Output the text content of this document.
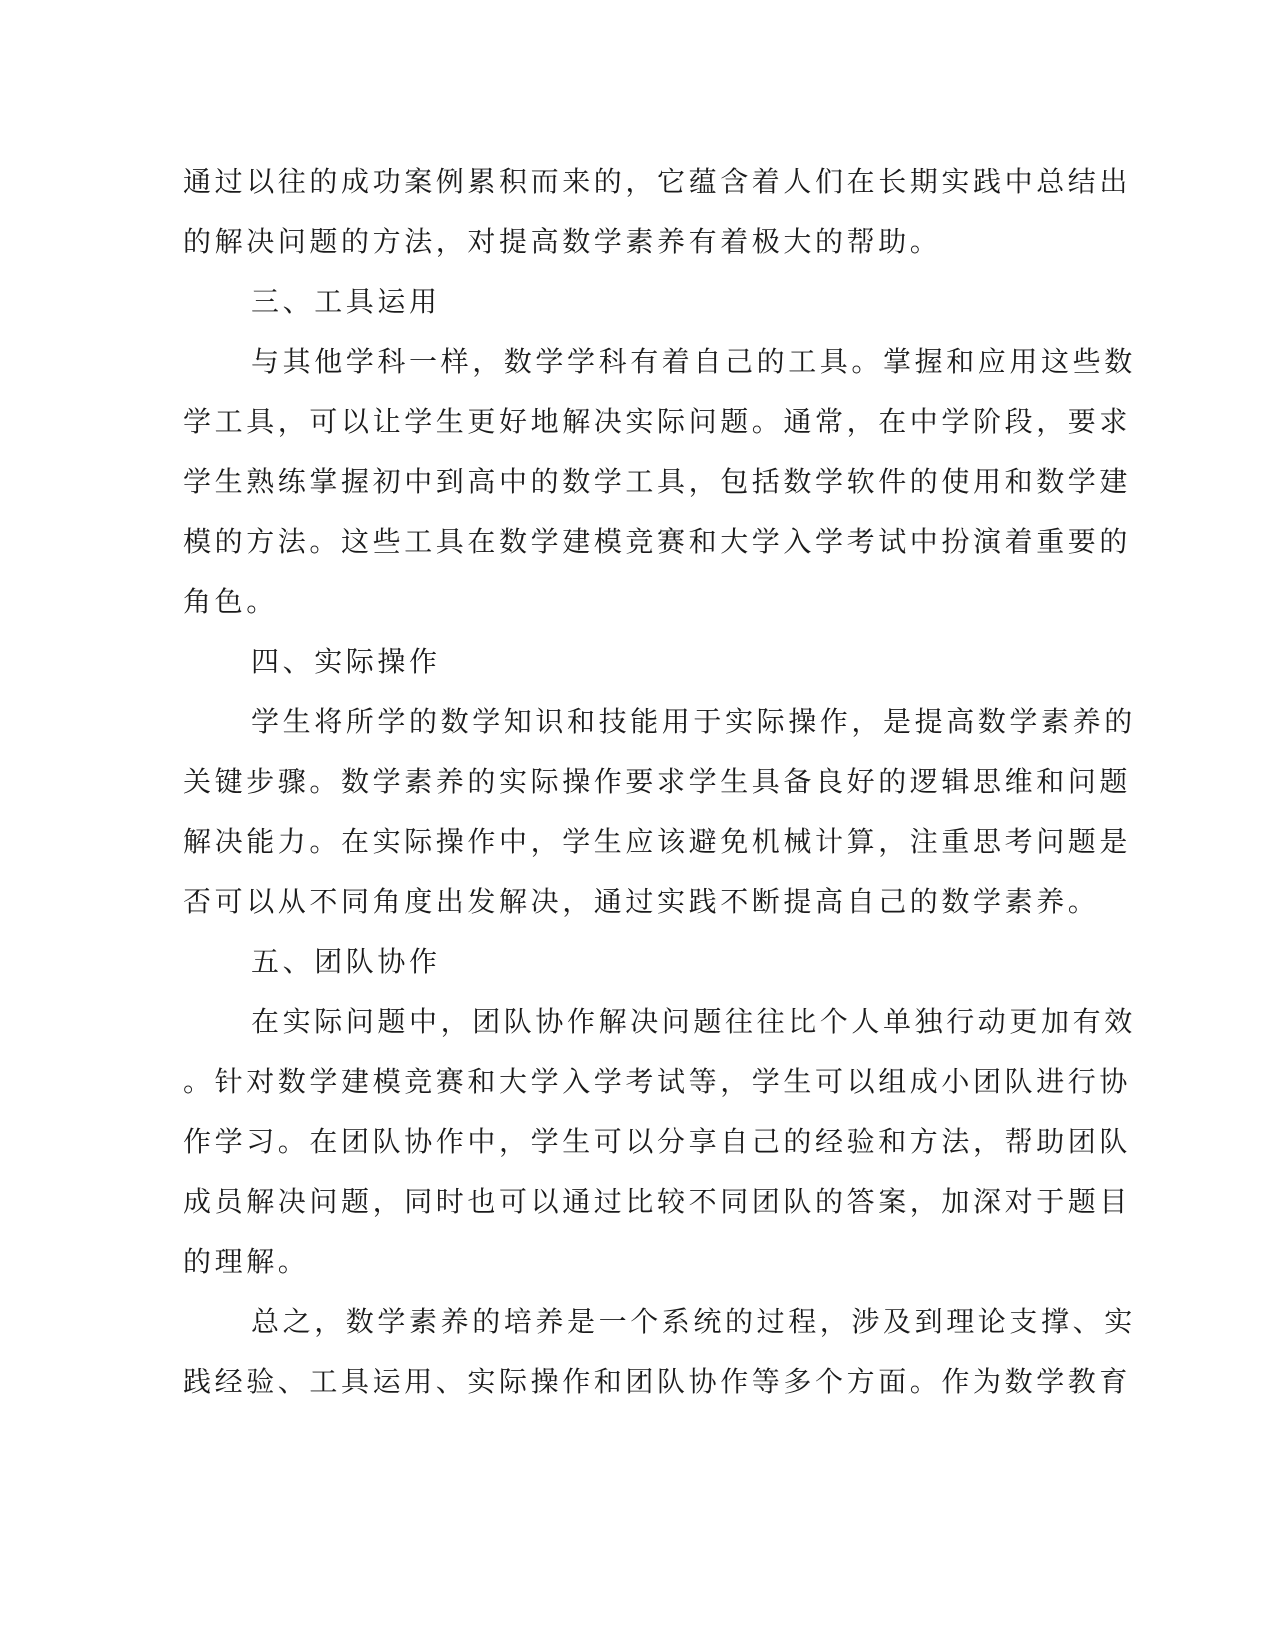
通过以往的成功案例累积而来的，它蕴含着人们在长期实践中总结出
的解决问题的方法，对提高数学素养有着极大的帮助。
三、工具运用
与其他学科一样，数学学科有着自己的工具。掌握和应用这些数
学工具，可以让学生更好地解决实际问题。通常，在中学阶段，要求
学生熟练掌握初中到高中的数学工具，包括数学软件的使用和数学建
模的方法。这些工具在数学建模竞赛和大学入学考试中扮演着重要的
角色。
四、实际操作
学生将所学的数学知识和技能用于实际操作，是提高数学素养的
关键步骤。数学素养的实际操作要求学生具备良好的逻辑思维和问题
解决能力。在实际操作中，学生应该避免机械计算，注重思考问题是
否可以从不同角度出发解决，通过实践不断提高自己的数学素养。
五、团队协作
在实际问题中，团队协作解决问题往往比个人单独行动更加有效
。针对数学建模竞赛和大学入学考试等，学生可以组成小团队进行协
作学习。在团队协作中，学生可以分享自己的经验和方法，帮助团队
成员解决问题，同时也可以通过比较不同团队的答案，加深对于题目
的理解。
总之，数学素养的培养是一个系统的过程，涉及到理论支撑、实
践经验、工具运用、实际操作和团队协作等多个方面。作为数学教育
